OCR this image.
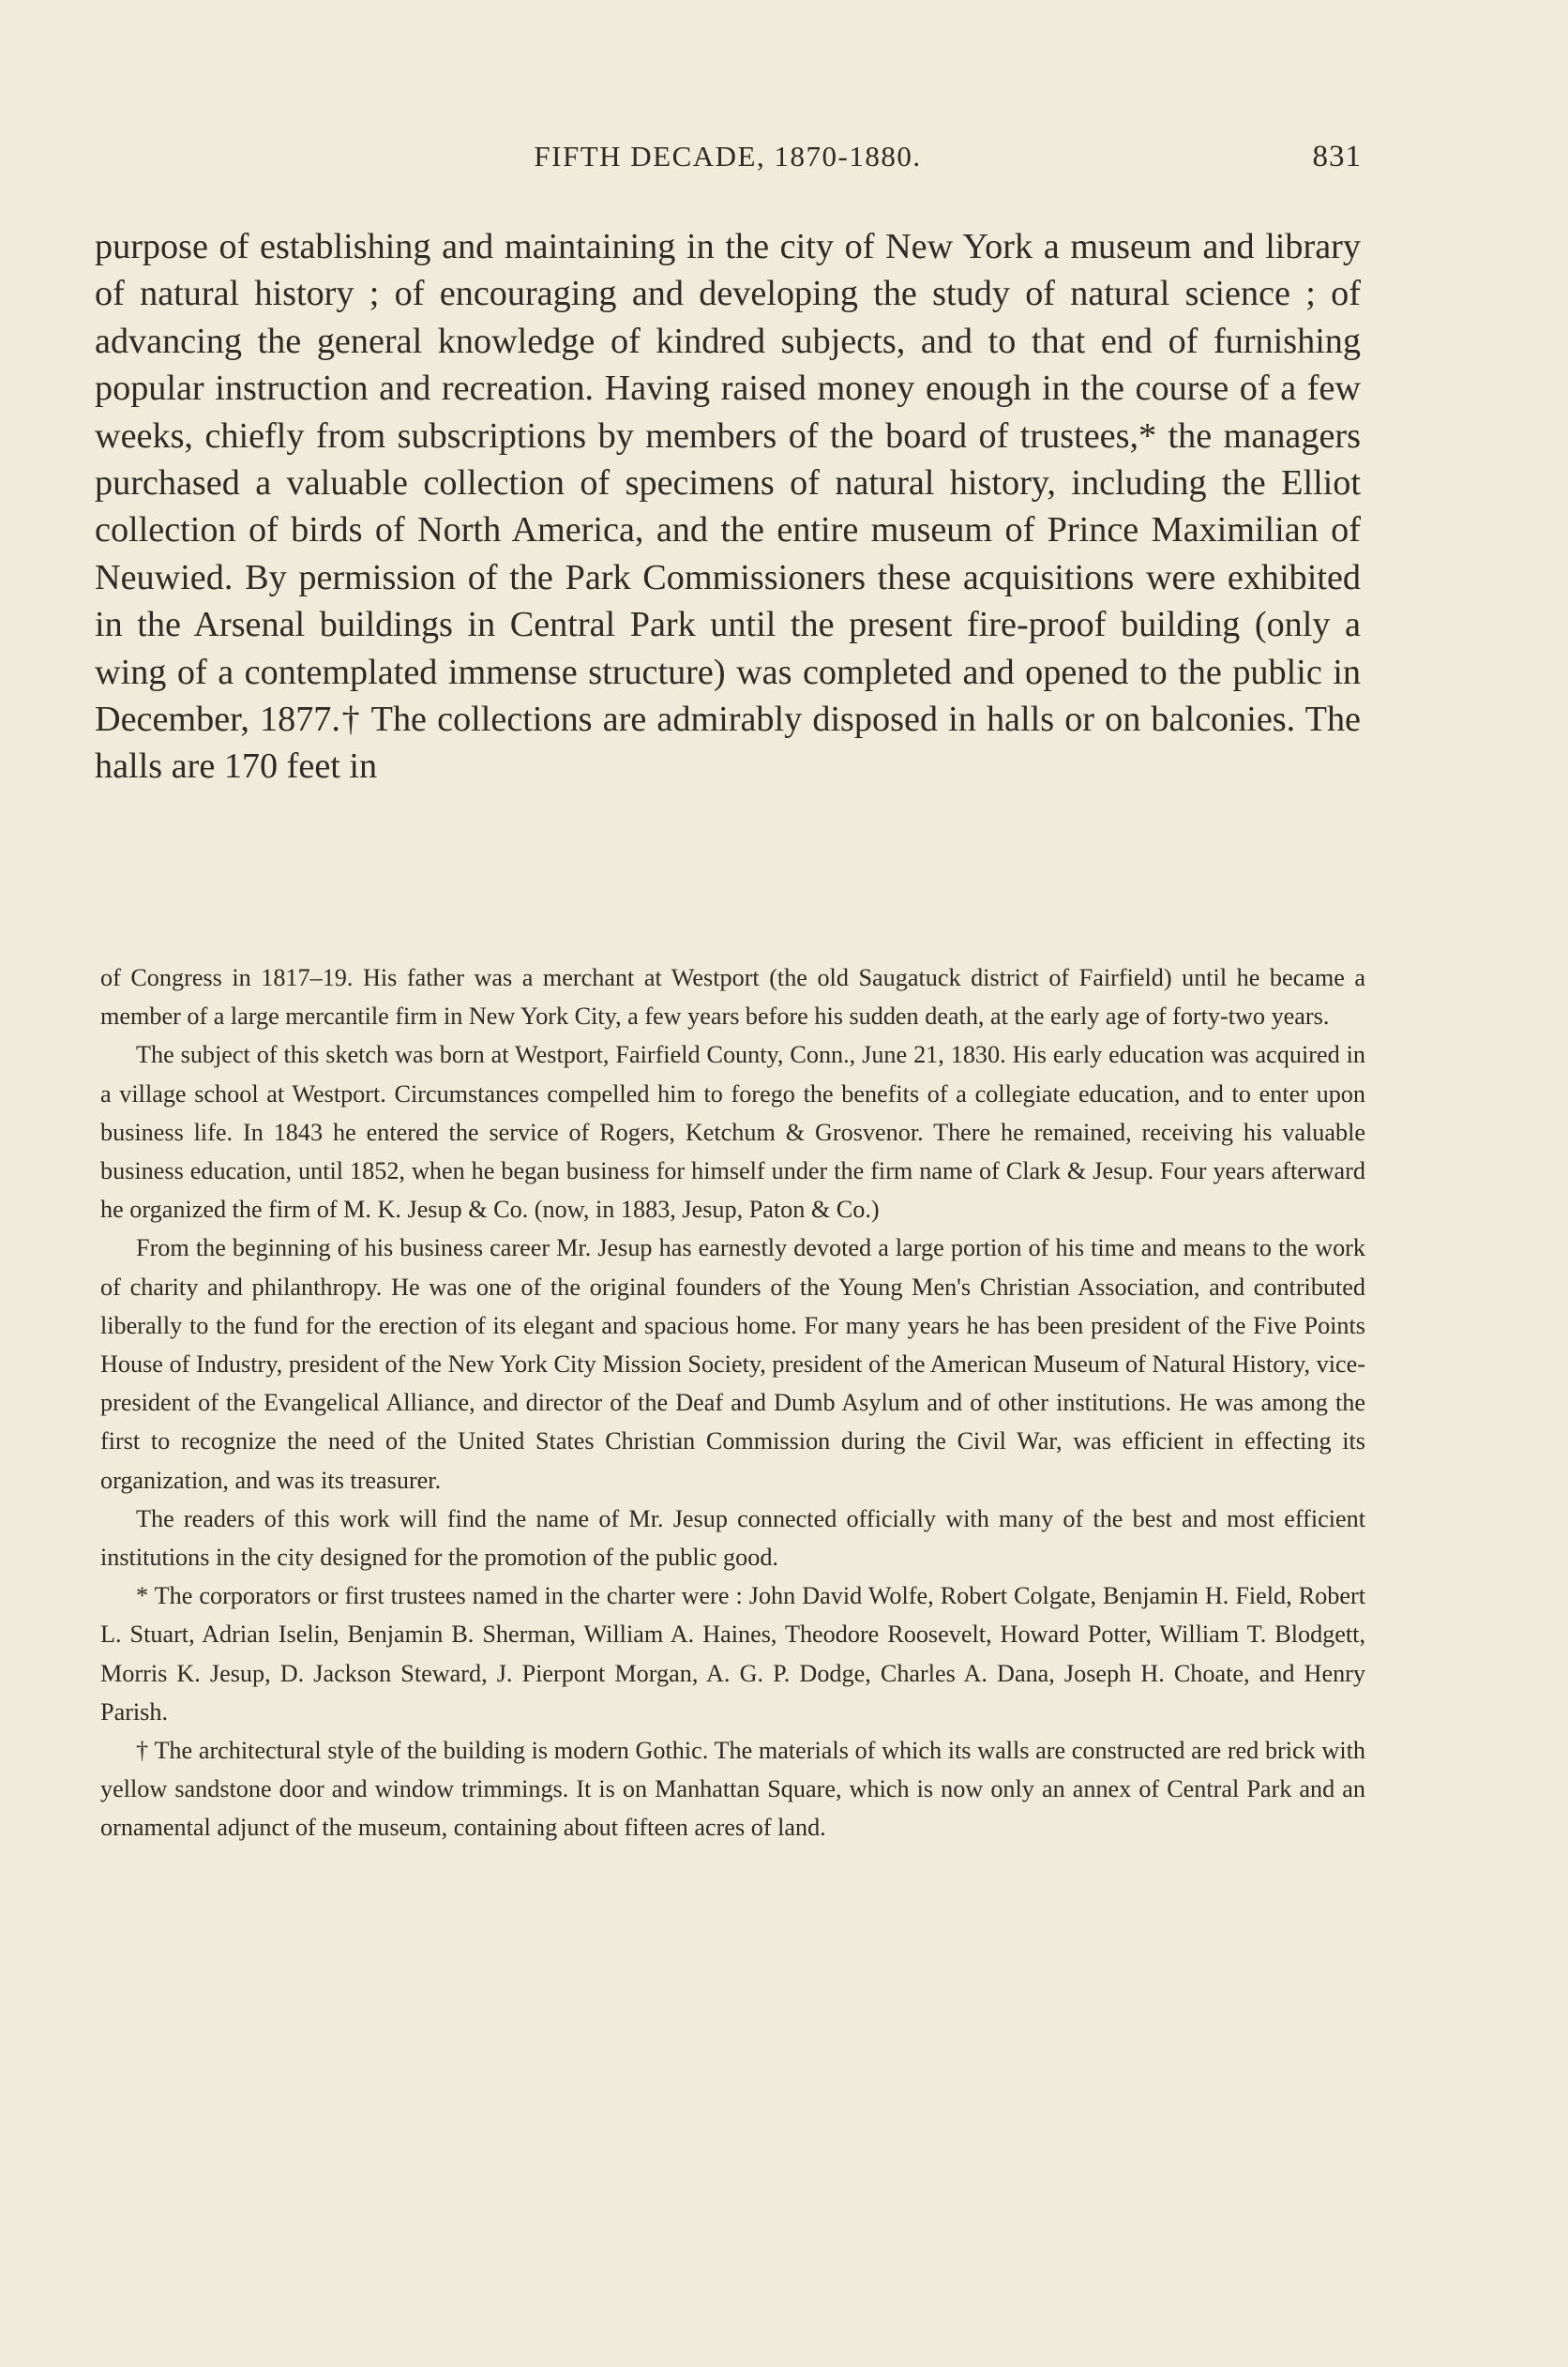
FIFTH DECADE, 1870-1880.	831

purpose of establishing and maintaining in the city of New York a museum and library of natural history ; of encouraging and developing the study of natural science ; of advancing the general knowledge of kindred subjects, and to that end of furnishing popular instruction and recreation. Having raised money enough in the course of a few weeks, chiefly from subscriptions by members of the board of trustees,* the managers purchased a valuable collection of specimens of natural history, including the Elliot collection of birds of North America, and the entire museum of Prince Maximilian of Neuwied. By permission of the Park Commissioners these acquisitions were exhibited in the Arsenal buildings in Central Park until the present fire-proof building (only a wing of a contemplated immense structure) was completed and opened to the public in December, 1877.† The collections are admirably disposed in halls or on balconies. The halls are 170 feet in

of Congress in 1817–19. His father was a merchant at Westport (the old Saugatuck district of Fairfield) until he became a member of a large mercantile firm in New York City, a few years before his sudden death, at the early age of forty-two years.

The subject of this sketch was born at Westport, Fairfield County, Conn., June 21, 1830. His early education was acquired in a village school at Westport. Circumstances compelled him to forego the benefits of a collegiate education, and to enter upon business life. In 1843 he entered the service of Rogers, Ketchum & Grosvenor. There he remained, receiving his valuable business education, until 1852, when he began business for himself under the firm name of Clark & Jesup. Four years afterward he organized the firm of M. K. Jesup & Co. (now, in 1883, Jesup, Paton & Co.)

From the beginning of his business career Mr. Jesup has earnestly devoted a large portion of his time and means to the work of charity and philanthropy. He was one of the original founders of the Young Men's Christian Association, and contributed liberally to the fund for the erection of its elegant and spacious home. For many years he has been president of the Five Points House of Industry, president of the New York City Mission Society, president of the American Museum of Natural History, vice-president of the Evangelical Alliance, and director of the Deaf and Dumb Asylum and of other institutions. He was among the first to recognize the need of the United States Christian Commission during the Civil War, was efficient in effecting its organization, and was its treasurer.

The readers of this work will find the name of Mr. Jesup connected officially with many of the best and most efficient institutions in the city designed for the promotion of the public good.

* The corporators or first trustees named in the charter were : John David Wolfe, Robert Colgate, Benjamin H. Field, Robert L. Stuart, Adrian Iselin, Benjamin B. Sherman, William A. Haines, Theodore Roosevelt, Howard Potter, William T. Blodgett, Morris K. Jesup, D. Jackson Steward, J. Pierpont Morgan, A. G. P. Dodge, Charles A. Dana, Joseph H. Choate, and Henry Parish.

† The architectural style of the building is modern Gothic. The materials of which its walls are constructed are red brick with yellow sandstone door and window trimmings. It is on Manhattan Square, which is now only an annex of Central Park and an ornamental adjunct of the museum, containing about fifteen acres of land.
